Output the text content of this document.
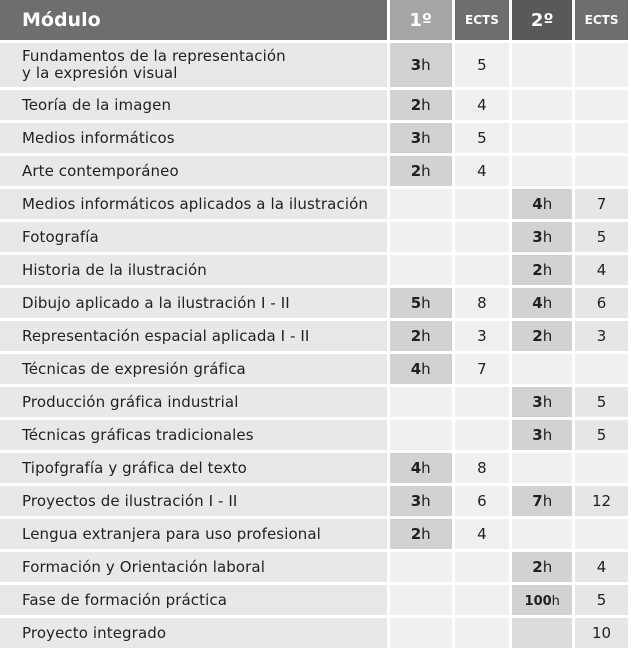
Módulo	1º	ECTS	2º	ECTS

Fundamentos de la representación
y la expresión visual	3h	5		

Teoría de la imagen	2h	4		

Medios informáticos	3h	5		

Arte contemporáneo	2h	4		

Medios informáticos aplicados a la ilustración			4h	7

Fotografía			3h	5

Historia de la ilustración			2h	4

Dibujo aplicado a la ilustración I - II	5h	8	4h	6

Representación espacial aplicada I - II	2h	3	2h	3

Técnicas de expresión gráfica	4h	7		

Producción gráfica industrial			3h	5

Técnicas gráficas tradicionales			3h	5

Tipofgrafía y gráfica del texto	4h	8		

Proyectos de ilustración I - II	3h	6	7h	12

Lengua extranjera para uso profesional	2h	4		

Formación y Orientación laboral			2h	4

Fase de formación práctica			100h	5

Proyecto integrado				10
